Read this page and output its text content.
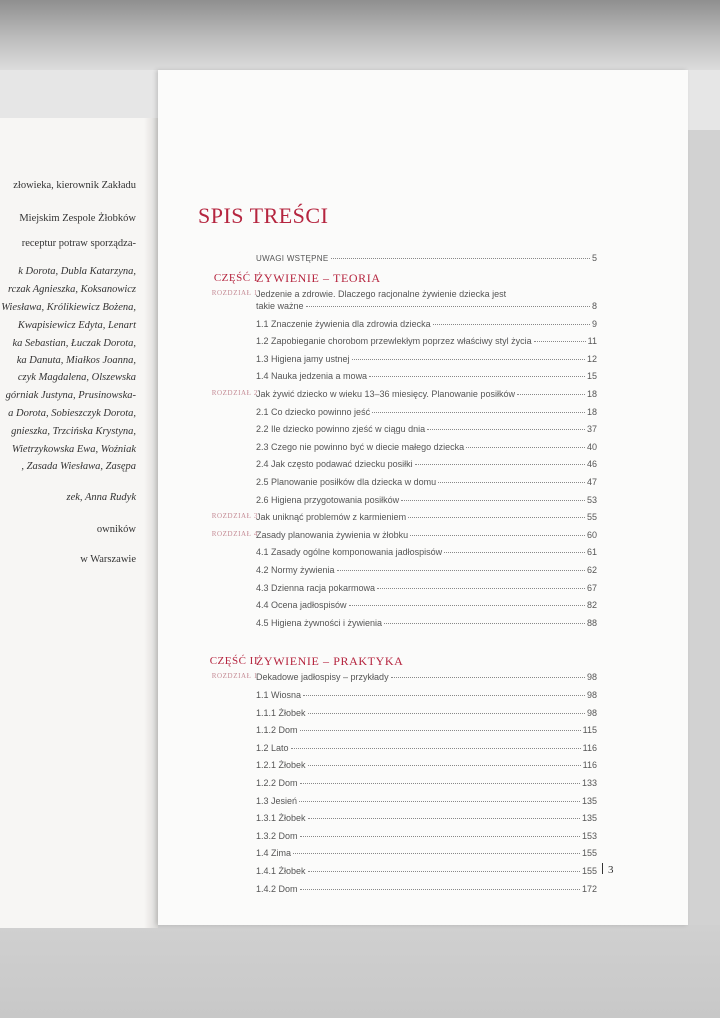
złowieka, kierownik Zakładu
Miejskim Zespole Żłobków
receptur potraw sporządza-
k Dorota, Dubla Katarzyna,
rczak Agnieszka, Koksanowicz
Wiesława, Królikiewicz Bożena,
Kwapisiewicz Edyta, Lenart
ka Sebastian, Łuczak Dorota,
ka Danuta, Miałkos Joanna,
czyk Magdalena, Olszewska
górniak Justyna, Prusinowska-
a Dorota, Sobieszczyk Dorota,
gnieszka, Trzcińska Krystyna,
Wietrzykowska Ewa, Woźniak
, Zasada Wiesława, Zasępa
zek, Anna Rudyk
owników
w Warszawie
SPIS TREŚCI
UWAGI WSTĘPNE	5
CZĘŚĆ I
ŻYWIENIE – TEORIA
ROZDZIAŁ 1
Jedzenie a zdrowie. Dlaczego racjonalne żywienie dziecka jest
takie ważne	8
1.1 Znaczenie żywienia dla zdrowia dziecka	9
1.2 Zapobieganie chorobom przewlekłym poprzez właściwy styl życia	11
1.3 Higiena jamy ustnej	12
1.4 Nauka jedzenia a mowa	15
ROZDZIAŁ 2
Jak żywić dziecko w wieku 13–36 miesięcy. Planowanie posiłków	18
2.1 Co dziecko powinno jeść	18
2.2 Ile dziecko powinno zjeść w ciągu dnia	37
2.3 Czego nie powinno być w diecie małego dziecka	40
2.4 Jak często podawać dziecku posiłki	46
2.5 Planowanie posiłków dla dziecka w domu	47
2.6 Higiena przygotowania posiłków	53
ROZDZIAŁ 3
Jak uniknąć problemów z karmieniem	55
ROZDZIAŁ 4
Zasady planowania żywienia w żłobku	60
4.1 Zasady ogólne komponowania jadłospisów	61
4.2 Normy żywienia	62
4.3 Dzienna racja pokarmowa	67
4.4 Ocena jadłospisów	82
4.5 Higiena żywności i żywienia	88
CZĘŚĆ II
ŻYWIENIE – PRAKTYKA
ROZDZIAŁ 1
Dekadowe jadłospisy – przykłady	98
1.1 Wiosna	98
1.1.1 Żłobek	98
1.1.2 Dom	115
1.2 Lato	116
1.2.1 Żłobek	116
1.2.2 Dom	133
1.3 Jesień	135
1.3.1 Żłobek	135
1.3.2 Dom	153
1.4 Zima	155
1.4.1 Żłobek	155
1.4.2 Dom	172
3
